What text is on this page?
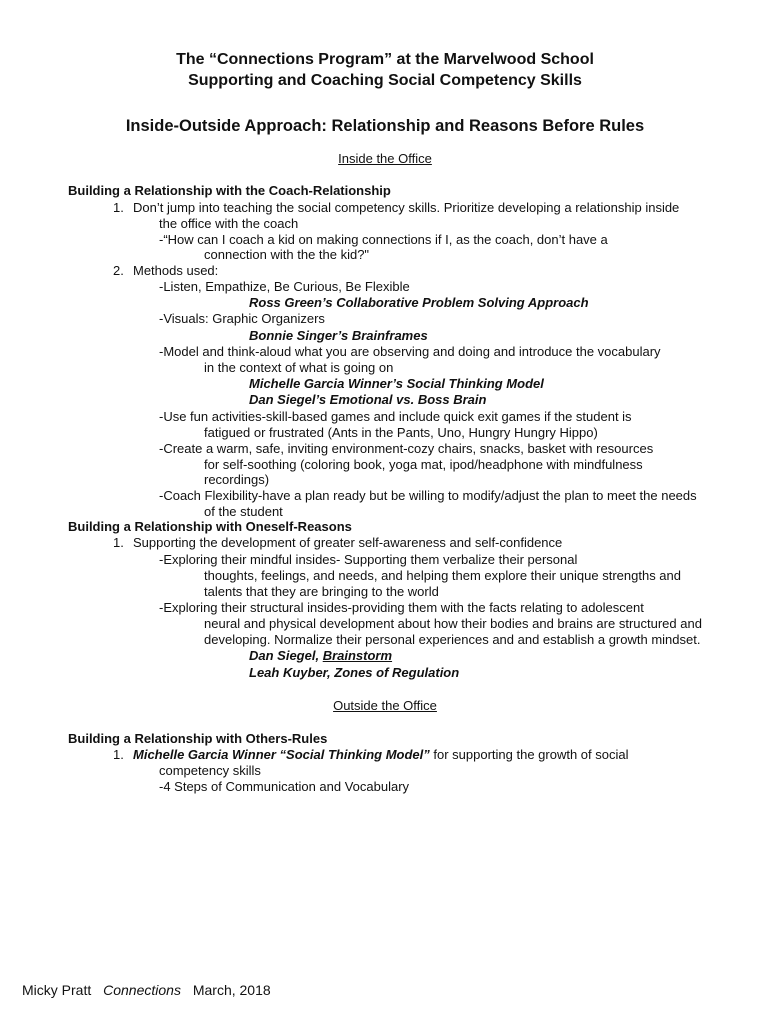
The “Connections Program” at the Marvelwood School
Supporting and Coaching Social Competency Skills
Inside-Outside Approach: Relationship and Reasons Before Rules
Inside the Office
Building a Relationship with the Coach-Relationship
1. Don’t jump into teaching the social competency skills. Prioritize developing a relationship inside
the office with the coach
-“How can I coach a kid on making connections if I, as the coach, don’t have a
connection with the the kid?"
2. Methods used:
-Listen, Empathize, Be Curious, Be Flexible
Ross Green’s Collaborative Problem Solving Approach
-Visuals: Graphic Organizers
Bonnie Singer’s Brainframes
-Model and think-aloud what you are observing and doing and introduce the vocabulary
in the context of what is going on
Michelle Garcia Winner’s Social Thinking Model
Dan Siegel’s Emotional vs. Boss Brain
-Use fun activities-skill-based games and include quick exit games if the student is
fatigued or frustrated (Ants in the Pants, Uno, Hungry Hungry Hippo)
-Create a warm, safe, inviting environment-cozy chairs, snacks, basket with resources
for self-soothing (coloring book, yoga mat, ipod/headphone with mindfulness
recordings)
-Coach Flexibility-have a plan ready but be willing to modify/adjust the plan to meet the needs
of the student
Building a Relationship with Oneself-Reasons
1. Supporting the development of greater self-awareness and self-confidence
-Exploring their mindful insides- Supporting them verbalize their personal
thoughts, feelings, and needs, and helping them explore their unique strengths and
talents that they are bringing to the world
-Exploring their structural insides-providing them with the facts relating to adolescent
neural and physical development about how their bodies and brains are structured and
developing. Normalize their personal experiences and and establish a growth mindset.
Dan Siegel, Brainstorm
Leah Kuyber, Zones of Regulation
Outside the Office
Building a Relationship with Others-Rules
1. Michelle Garcia Winner “Social Thinking Model” for supporting the growth of social
competency skills
-4 Steps of Communication and Vocabulary
Micky Pratt Connections March, 2018
